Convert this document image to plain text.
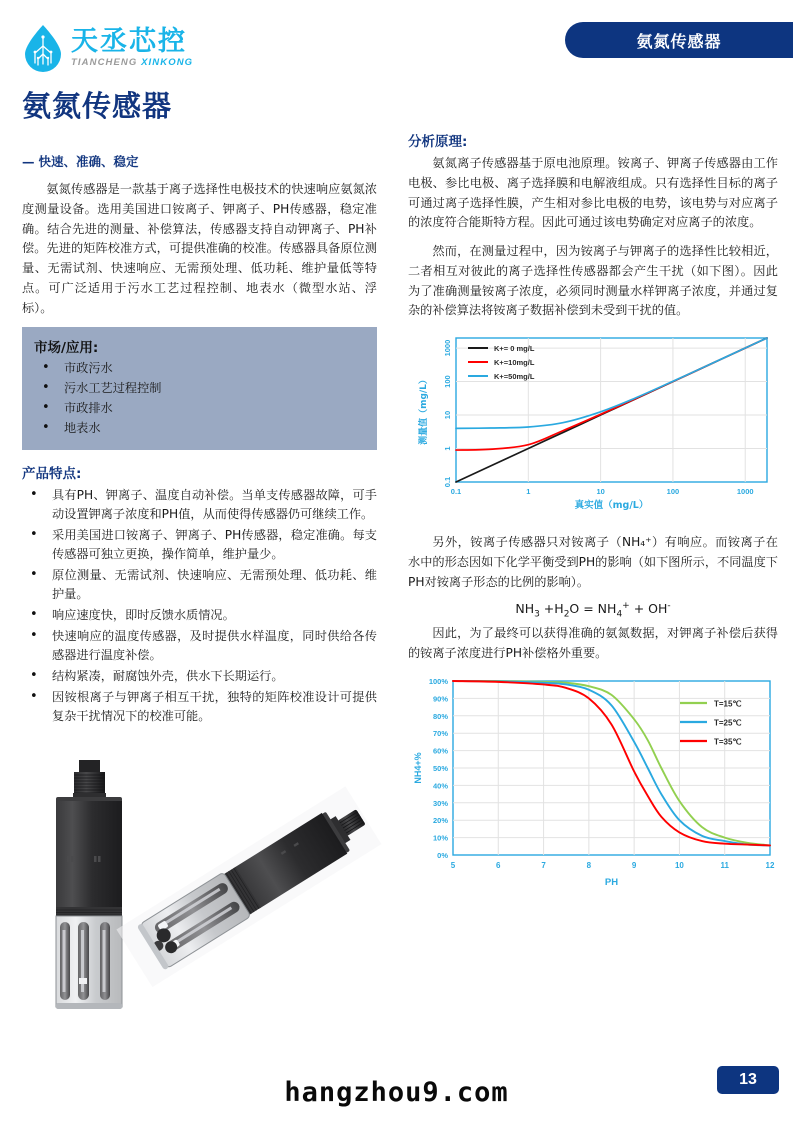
天丞芯控
TIANCHENG XINKONG
氨氮传感器
氨氮传感器
— 快速、准确、稳定

氨氮传感器是一款基于离子选择性电极技术的快速响应氨氮浓度测量设备。选用美国进口铵离子、钾离子、PH传感器，稳定准确。结合先进的测量、补偿算法，传感器支持自动钾离子、PH补偿。先进的矩阵校准方式，可提供准确的校准。传感器具备原位测量、无需试剂、快速响应、无需预处理、低功耗、维护量低等特点。可广泛适用于污水工艺过程控制、地表水（微型水站、浮标）。

市场/应用:
• 市政污水
• 污水工艺过程控制
• 市政排水
• 地表水
产品特点:
• 具有PH、钾离子、温度自动补偿。当单支传感器故障，可手动设置钾离子浓度和PH值，从而使得传感器仍可继续工作。
• 采用美国进口铵离子、钾离子、PH传感器，稳定准确。每支传感器可独立更换，操作简单，维护量少。
• 原位测量、无需试剂、快速响应、无需预处理、低功耗、维护量。
• 响应速度快，即时反馈水质情况。
• 快速响应的温度传感器，及时提供水样温度，同时供给各传感器进行温度补偿。
• 结构紧凑，耐腐蚀外壳，供水下长期运行。
• 因铵根离子与钾离子相互干扰，独特的矩阵校准设计可提供复杂干扰情况下的校准可能。
分析原理:

氨氮离子传感器基于原电池原理。铵离子、钾离子传感器由工作电极、参比电极、离子选择膜和电解液组成。只有选择性目标的离子可通过离子选择性膜，产生相对参比电极的电势，该电势与对应离子的浓度符合能斯特方程。因此可通过该电势确定对应离子的浓度。

然而，在测量过程中，因为铵离子与钾离子的选择性比较相近，二者相互对彼此的离子选择性传感器都会产生干扰（如下图）。因此为了准确测量铵离子浓度，必须同时测量水样钾离子浓度，并通过复杂的补偿算法将铵离子数据补偿到未受到干扰的值。

0.1	1	10	100	1000
0.1
1
10
100
1000
真实值（mg/L）
测量值（mg/L）
K+= 0 mg/L
K+=10mg/L
K+=50mg/L

另外，铵离子传感器只对铵离子（NH₄⁺）有响应。而铵离子在水中的形态因如下化学平衡受到PH的影响（如下图所示，不同温度下PH对铵离子形态的比例的影响）。

$NH_3 +H_2O = NH_4^+ + OH^-$

因此，为了最终可以获得准确的氨氮数据，对钾离子补偿后获得的铵离子浓度进行PH补偿格外重要。

5	6	7	8	9	10	11	12
0%
10%
20%
30%
40%
50%
60%
70%
80%
90%
100%
PH
NH4+%
T=15℃
T=25℃
T=35℃
hangzhou9.com	13
